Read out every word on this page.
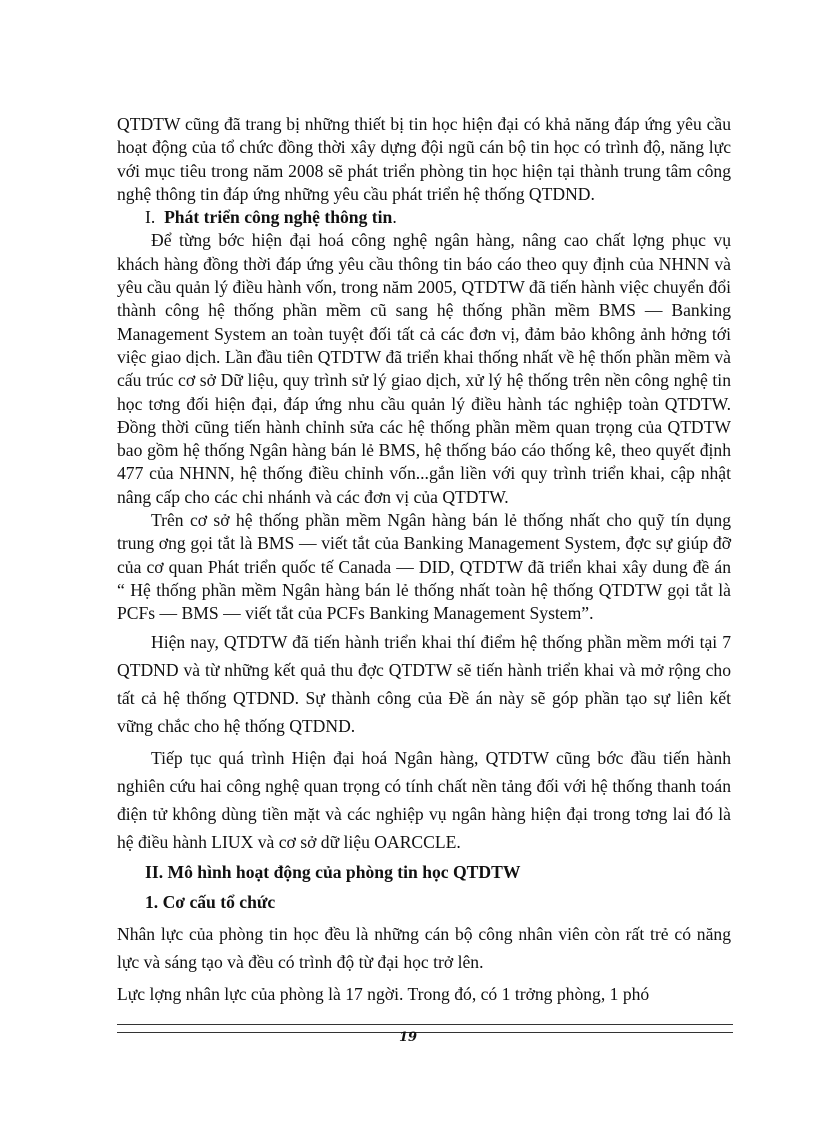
QTDTW cũng đã trang bị những thiết bị tin học hiện đại có khả năng đáp ứng yêu cầu hoạt động của tổ chức đồng thời xây dựng đội ngũ cán bộ tin học có trình độ, năng lực với mục tiêu trong năm 2008 sẽ phát triển phòng tin học hiện tại thành trung tâm công nghệ thông tin đáp ứng những yêu cầu phát triển hệ thống QTDND.

I. Phát triển công nghệ thông tin.

Để từng bớc hiện đại hoá công nghệ ngân hàng, nâng cao chất lợng phục vụ khách hàng đồng thời đáp ứng yêu cầu thông tin báo cáo theo quy định của NHNN và yêu cầu quản lý điều hành vốn, trong năm 2005, QTDTW đã tiến hành việc chuyển đổi thành công hệ thống phần mềm cũ sang hệ thống phần mềm BMS — Banking Management System an toàn tuyệt đối tất cả các đơn vị, đảm bảo không ảnh hởng tới việc giao dịch. Lần đầu tiên QTDTW đã triển khai thống nhất về hệ thốn phần mềm và cấu trúc cơ sở Dữ liệu, quy trình sử lý giao dịch, xử lý hệ thống trên nền công nghệ tin học tơng đối hiện đại, đáp ứng nhu cầu quản lý điều hành tác nghiệp toàn QTDTW. Đồng thời cũng tiến hành chỉnh sửa các hệ thống phần mềm quan trọng của QTDTW bao gồm hệ thống Ngân hàng bán lẻ BMS, hệ thống báo cáo thống kê, theo quyết định 477 của NHNN, hệ thống điều chỉnh vốn...gắn liền với quy trình triển khai, cập nhật nâng cấp cho các chi nhánh và các đơn vị của QTDTW.

Trên cơ sở hệ thống phần mềm Ngân hàng bán lẻ thống nhất cho quỹ tín dụng trung ơng gọi tắt là BMS — viết tắt của Banking Management System, đợc sự giúp đỡ của cơ quan Phát triển quốc tế Canada — DID, QTDTW đã triển khai xây dung đề án “ Hệ thống phần mềm Ngân hàng bán lẻ thống nhất toàn hệ thống QTDTW gọi tắt là PCFs — BMS — viết tắt của PCFs Banking Management System”.

Hiện nay, QTDTW đã tiến hành triển khai thí điểm hệ thống phần mềm mới tại 7 QTDND và từ những kết quả thu đợc QTDTW sẽ tiến hành triển khai và mở rộng cho tất cả hệ thống QTDND. Sự thành công của Đề án này sẽ góp phần tạo sự liên kết vững chắc cho hệ thống QTDND.

Tiếp tục quá trình Hiện đại hoá Ngân hàng, QTDTW cũng bớc đầu tiến hành nghiên cứu hai công nghệ quan trọng có tính chất nền tảng đối với hệ thống thanh toán điện tử không dùng tiền mặt và các nghiệp vụ ngân hàng hiện đại trong tơng lai đó là hệ điều hành LIUX và cơ sở dữ liệu OARCCLE.

II. Mô hình hoạt động của phòng tin học QTDTW

1. Cơ cấu tổ chức

Nhân lực của phòng tin học đều là những cán bộ công nhân viên còn rất trẻ có năng lực và sáng tạo và đều có trình độ từ đại học trở lên.

Lực lợng nhân lực của phòng là 17 ngời. Trong đó, có 1 trởng phòng, 1 phó

19
